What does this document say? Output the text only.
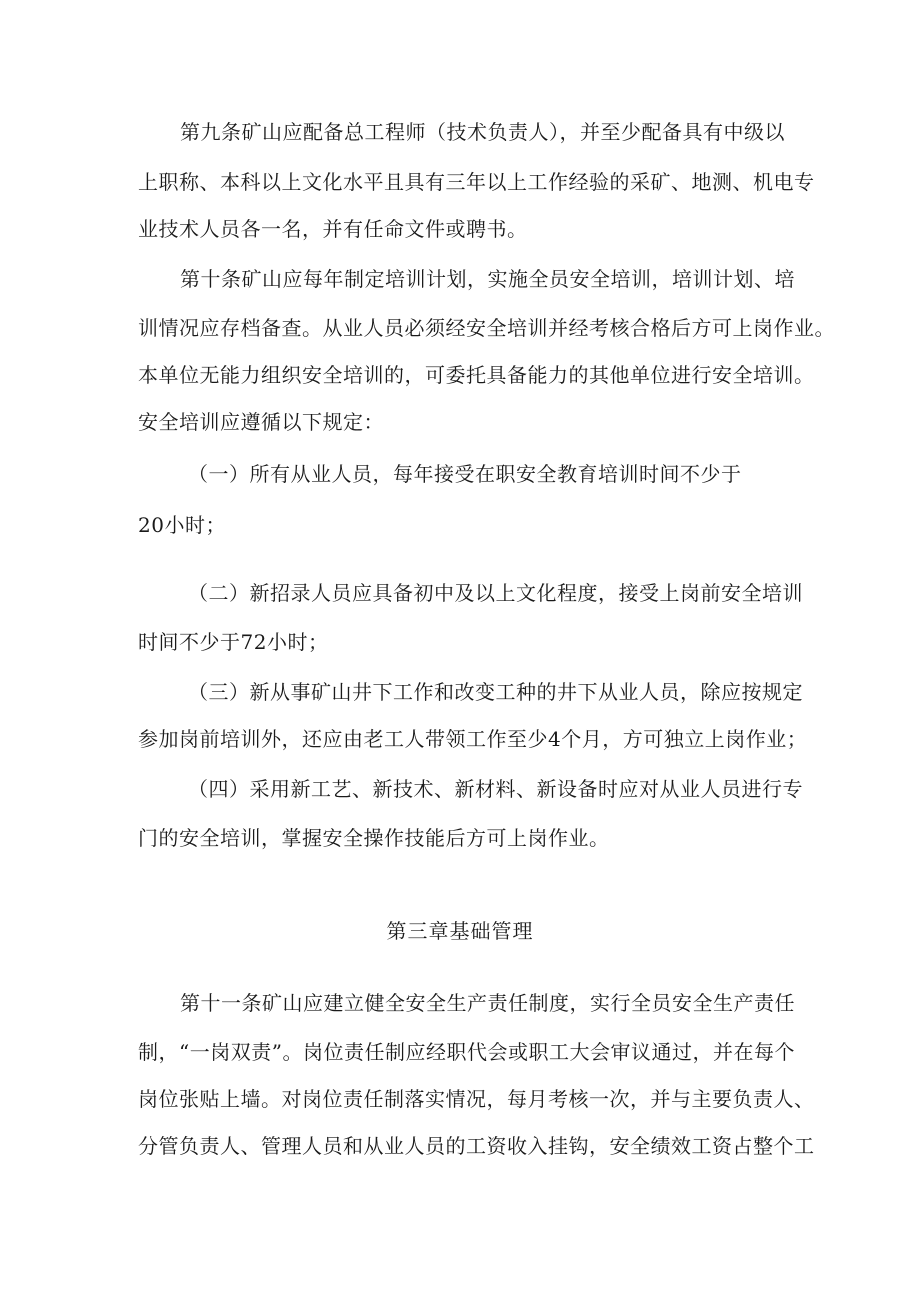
第九条矿山应配备总工程师（技术负责人），并至少配备具有中级以
上职称、本科以上文化水平且具有三年以上工作经验的采矿、地测、机电专
业技术人员各一名，并有任命文件或聘书。
第十条矿山应每年制定培训计划，实施全员安全培训，培训计划、培
训情况应存档备查。从业人员必须经安全培训并经考核合格后方可上岗作业。
本单位无能力组织安全培训的，可委托具备能力的其他单位进行安全培训。
安全培训应遵循以下规定：
（一）所有从业人员，每年接受在职安全教育培训时间不少于
20小时；
（二）新招录人员应具备初中及以上文化程度，接受上岗前安全培训
时间不少于72小时；
（三）新从事矿山井下工作和改变工种的井下从业人员，除应按规定
参加岗前培训外，还应由老工人带领工作至少4个月，方可独立上岗作业；
（四）采用新工艺、新技术、新材料、新设备时应对从业人员进行专
门的安全培训，掌握安全操作技能后方可上岗作业。
第三章基础管理
第十一条矿山应建立健全安全生产责任制度，实行全员安全生产责任
制，“一岗双责”。岗位责任制应经职代会或职工大会审议通过，并在每个
岗位张贴上墙。对岗位责任制落实情况，每月考核一次，并与主要负责人、
分管负责人、管理人员和从业人员的工资收入挂钩，安全绩效工资占整个工
